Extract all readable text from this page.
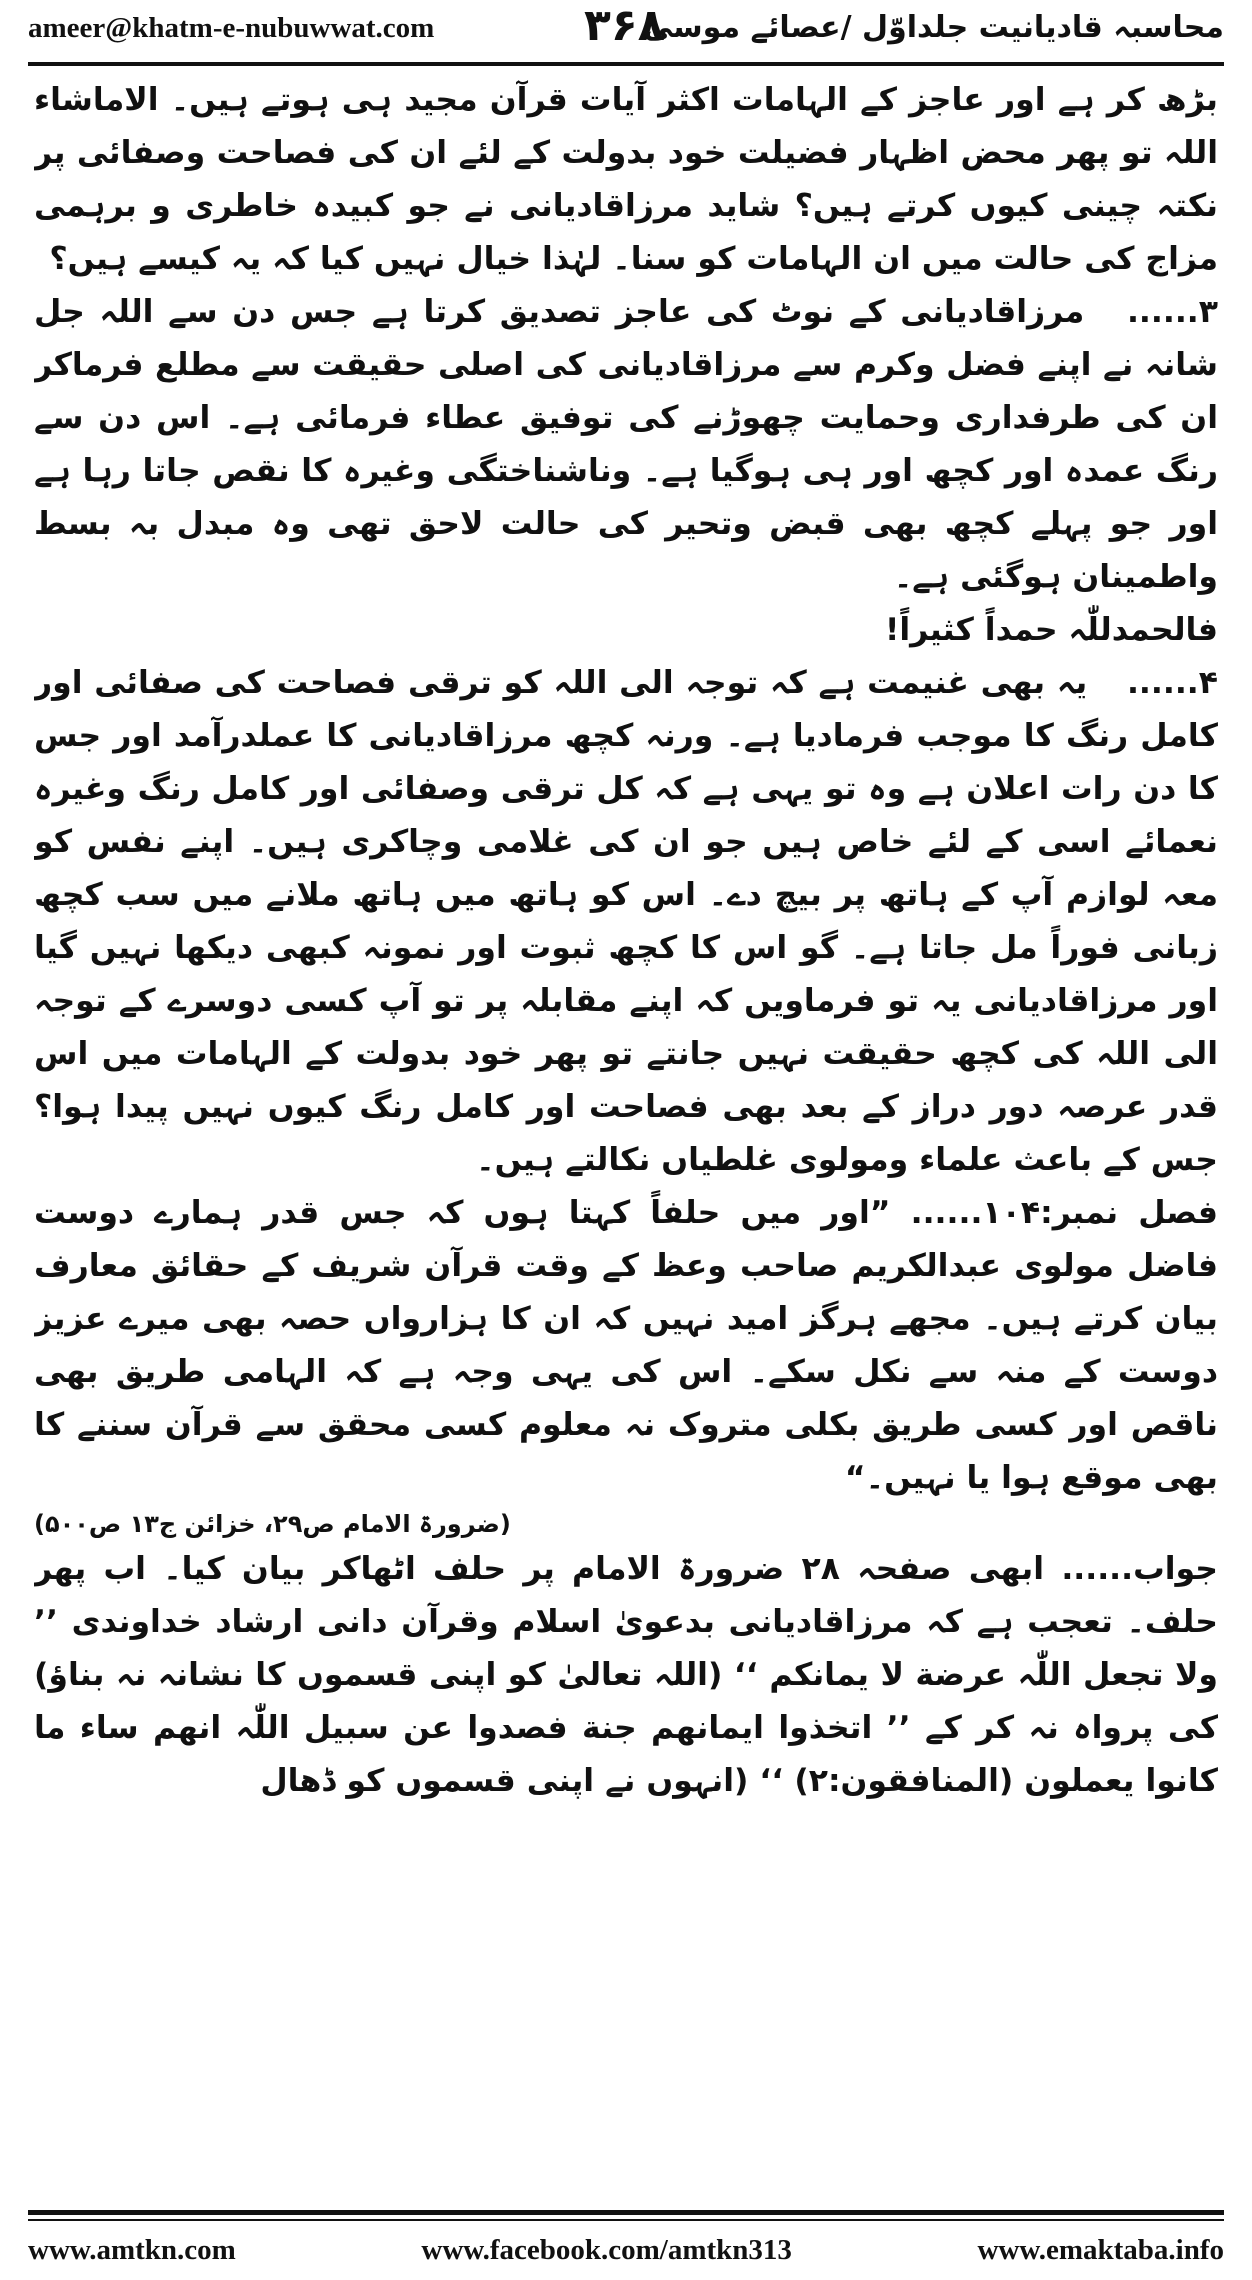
ameer@khatm-e-nubuwwat.com	۳۶۸
محاسبہ قادیانیت جلداوّل /عصائے موسیٰ

بڑھ کر ہے اور عاجز کے الہامات اکثر آیات قرآن مجید ہی ہوتے ہیں۔ الاماشاء اللہ تو پھر محض اظہار فضیلت خود بدولت کے لئے ان کی فصاحت وصفائی پر نکتہ چینی کیوں کرتے ہیں؟ شاید مرزاقادیانی نے جو کبیدہ خاطری و برہمی مزاج کی حالت میں ان الہامات کو سنا۔ لہٰذا خیال نہیں کیا کہ یہ کیسے ہیں؟

۳...... مرزاقادیانی کے نوٹ کی عاجز تصدیق کرتا ہے جس دن سے اللہ جل شانہ نے اپنے فضل وکرم سے مرزاقادیانی کی اصلی حقیقت سے مطلع فرماکر ان کی طرفداری وحمایت چھوڑنے کی توفیق عطاء فرمائی ہے۔ اس دن سے رنگ عمدہ اور کچھ اور ہی ہوگیا ہے۔ وناشناختگی وغیرہ کا نقص جاتا رہا ہے اور جو پہلے کچھ بھی قبض وتحیر کی حالت لاحق تھی وہ مبدل بہ بسط واطمینان ہوگئی ہے۔
فالحمدللّٰہ حمداً کثیراً!

۴...... یہ بھی غنیمت ہے کہ توجہ الی اللہ کو ترقی فصاحت کی صفائی اور کامل رنگ کا موجب فرمادیا ہے۔ ورنہ کچھ مرزاقادیانی کا عملدرآمد اور جس کا دن رات اعلان ہے وہ تو یہی ہے کہ کل ترقی وصفائی اور کامل رنگ وغیرہ نعمائے اسی کے لئے خاص ہیں جو ان کی غلامی وچاکری ہیں۔ اپنے نفس کو معہ لوازم آپ کے ہاتھ پر بیچ دے۔ اس کو ہاتھ میں ہاتھ ملانے میں سب کچھ زبانی فوراً مل جاتا ہے۔ گو اس کا کچھ ثبوت اور نمونہ کبھی دیکھا نہیں گیا اور مرزاقادیانی یہ تو فرماویں کہ اپنے مقابلہ پر تو آپ کسی دوسرے کے توجہ الی اللہ کی کچھ حقیقت نہیں جانتے تو پھر خود بدولت کے الہامات میں اس قدر عرصہ دور دراز کے بعد بھی فصاحت اور کامل رنگ کیوں نہیں پیدا ہوا؟ جس کے باعث علماء ومولوی غلطیاں نکالتے ہیں۔

فصل نمبر:۱۰۴...... ”اور میں حلفاً کہتا ہوں کہ جس قدر ہمارے دوست فاضل مولوی عبدالکریم صاحب وعظ کے وقت قرآن شریف کے حقائق معارف بیان کرتے ہیں۔ مجھے ہرگز امید نہیں کہ ان کا ہزارواں حصہ بھی میرے عزیز دوست کے منہ سے نکل سکے۔ اس کی یہی وجہ ہے کہ الہامی طریق بھی ناقص اور کسی طریق بکلی متروک نہ معلوم کسی محقق سے قرآن سننے کا بھی موقع ہوا یا نہیں۔“
(ضرورۃ الامام ص۲۹، خزائن ج۱۳ ص۵۰۰)

جواب...... ابھی صفحہ ۲۸ ضرورۃ الامام پر حلف اٹھاکر بیان کیا۔ اب پھر حلف۔ تعجب ہے کہ مرزاقادیانی بدعویٰ اسلام وقرآن دانی ارشاد خداوندی ’’ ولا تجعل اللّٰہ عرضة لا یمانکم ‘‘ (اللہ تعالیٰ کو اپنی قسموں کا نشانہ نہ بناؤ) کی پرواہ نہ کر کے ’’ اتخذوا ایمانھم جنة فصدوا عن سبیل اللّٰہ انھم ساء ما کانوا یعملون (المنافقون:۲) ‘‘ (انہوں نے اپنی قسموں کو ڈھال

www.amtkn.com	www.facebook.com/amtkn313	www.emaktaba.info
